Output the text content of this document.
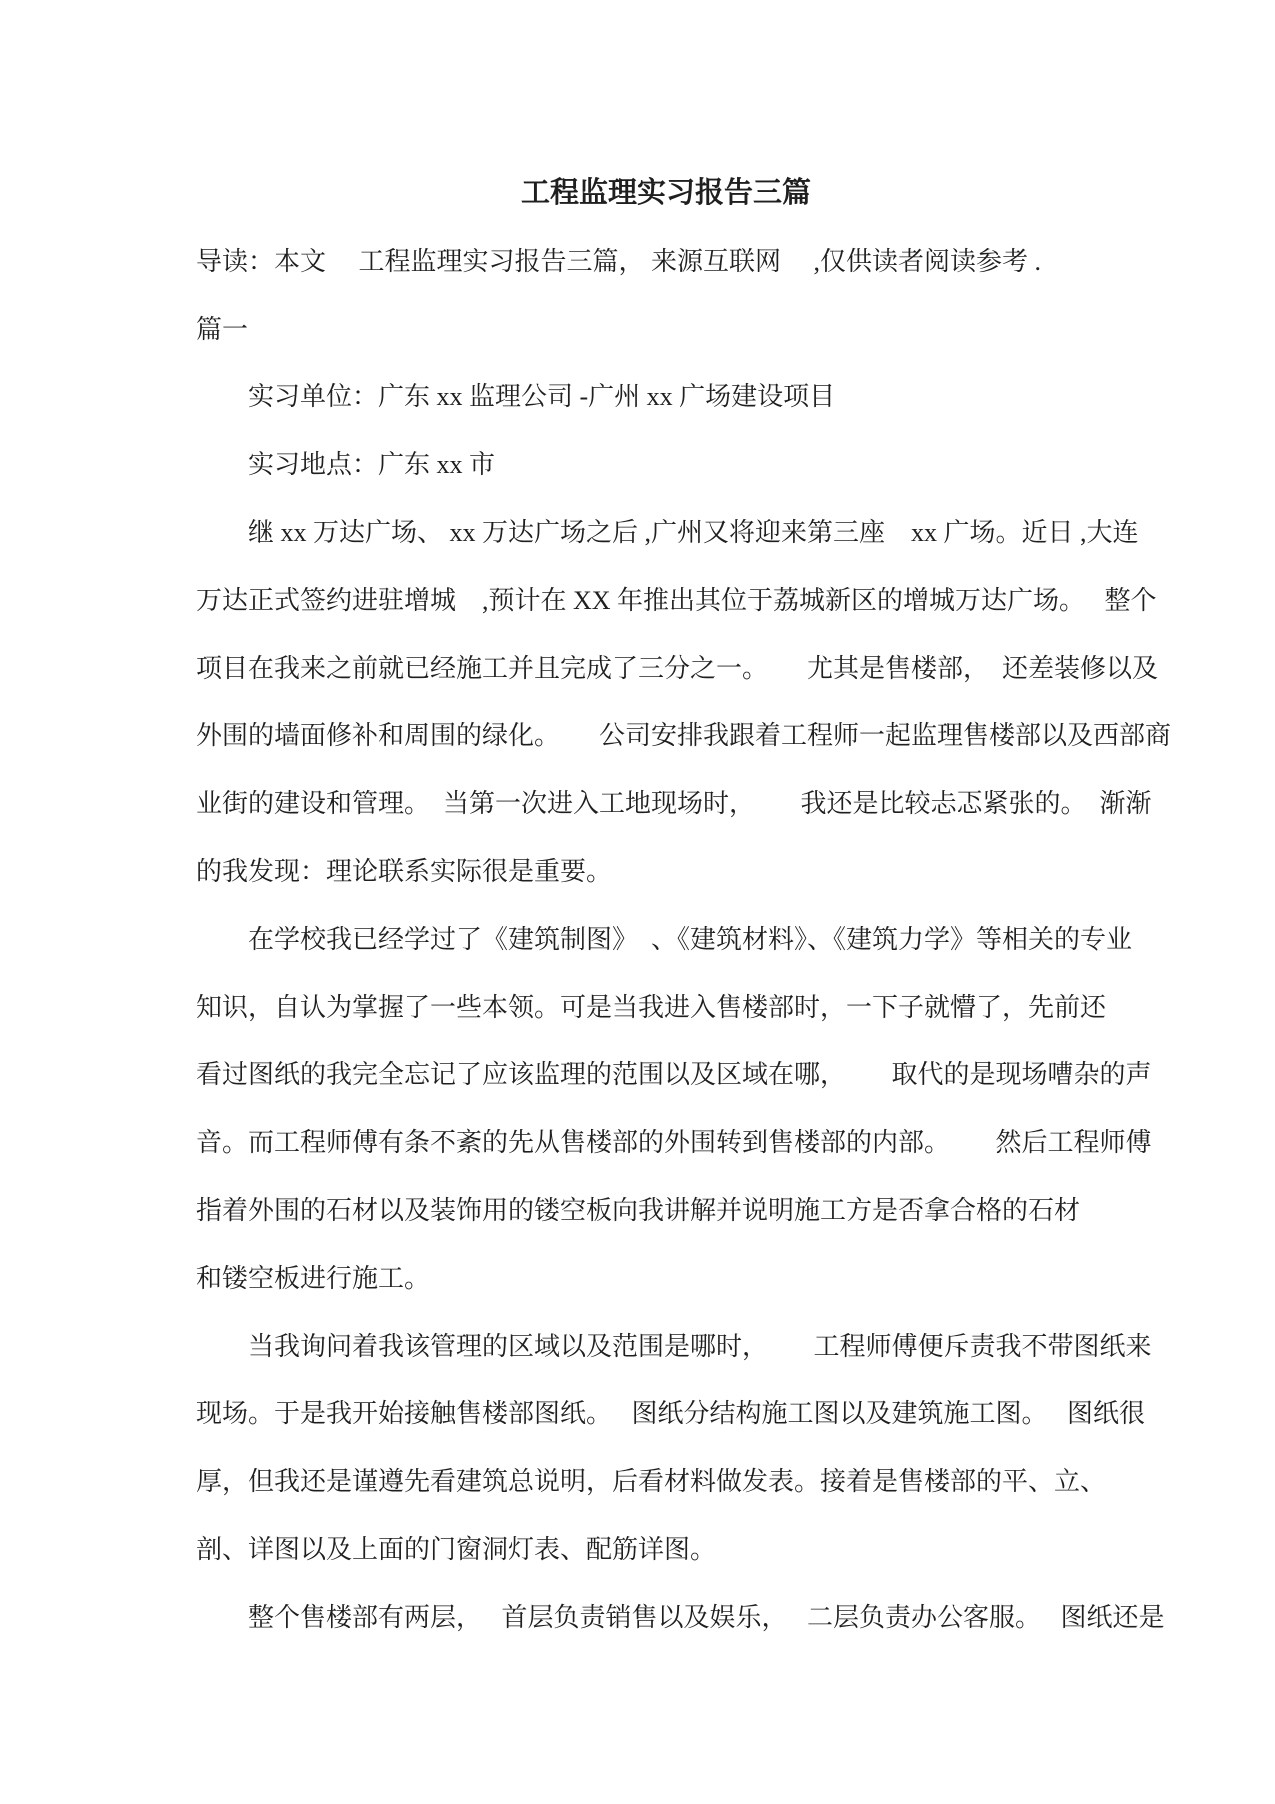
工程监理实习报告三篇
导读：本文　 工程监理实习报告三篇， 来源互联网　 ,仅供读者阅读参考 .
篇一
　　实习单位：广东 xx 监理公司 -广州 xx 广场建设项目
　　实习地点：广东 xx 市
　　继 xx 万达广场、 xx 万达广场之后 ,广州又将迎来第三座　xx 广场。近日 ,大连
万达正式签约进驻增城　,预计在 XX 年推出其位于荔城新区的增城万达广场。　 整个
项目在我来之前就已经施工并且完成了三分之一。　　尤其是售楼部，　还差装修以及
外围的墙面修补和周围的绿化。　　公司安排我跟着工程师一起监理售楼部以及西部商
业街的建设和管理。　当第一次进入工地现场时，　　 我还是比较忐忑紧张的。　渐渐
的我发现：理论联系实际很是重要。
　　在学校我已经学过了《建筑制图》　、《建筑材料》、《建筑力学》等相关的专业
知识，自认为掌握了一些本领。可是当我进入售楼部时，一下子就懵了，先前还
看过图纸的我完全忘记了应该监理的范围以及区域在哪，　　 取代的是现场嘈杂的声
音。而工程师傅有条不紊的先从售楼部的外围转到售楼部的内部。　　 然后工程师傅
指着外围的石材以及装饰用的镂空板向我讲解并说明施工方是否拿合格的石材
和镂空板进行施工。
　　当我询问着我该管理的区域以及范围是哪时，　　 工程师傅便斥责我不带图纸来
现场。于是我开始接触售楼部图纸。　 图纸分结构施工图以及建筑施工图。　 图纸很
厚，但我还是谨遵先看建筑总说明，后看材料做发表。接着是售楼部的平、立、
剖、详图以及上面的门窗洞灯表、配筋详图。
　　整个售楼部有两层，　 首层负责销售以及娱乐，　 二层负责办公客服。　 图纸还是
